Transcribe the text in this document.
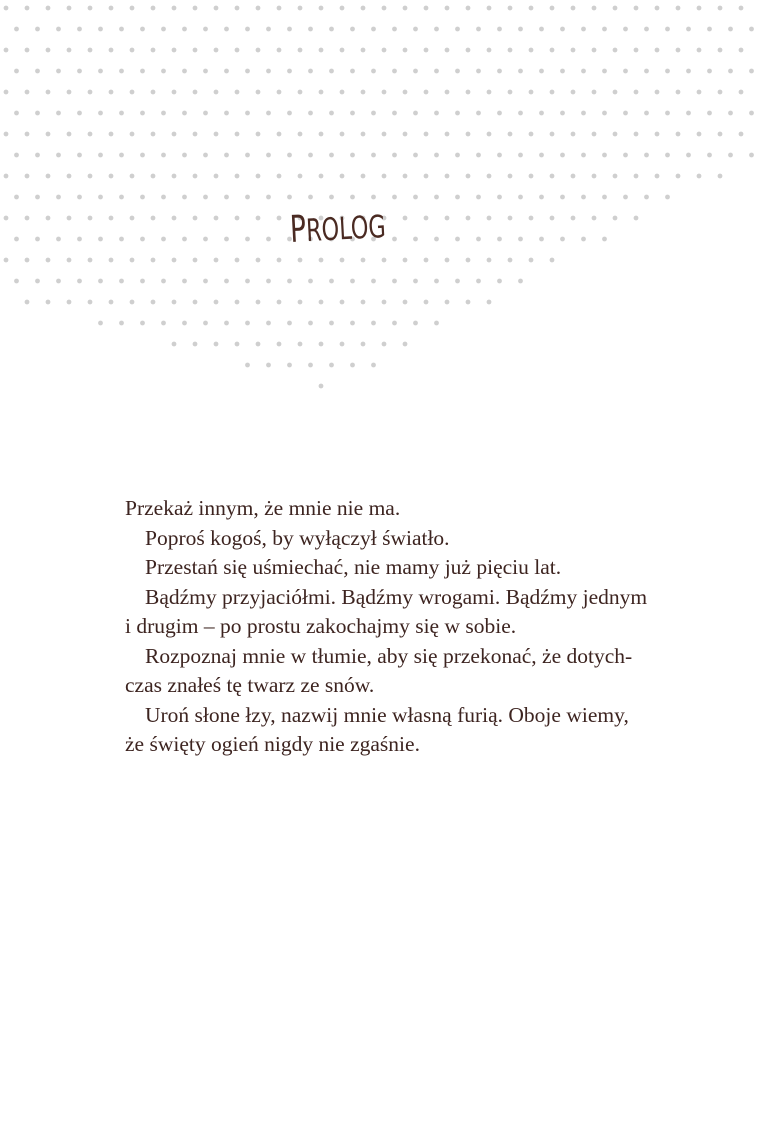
PROLOG

Przekaż innym, że mnie nie ma.

Poproś kogoś, by wyłączył światło.

Przestań się uśmiechać, nie mamy już pięciu lat.

Bądźmy przyjaciółmi. Bądźmy wrogami. Bądźmy jednym

i drugim – po prostu zakochajmy się w sobie.

Rozpoznaj mnie w tłumie, aby się przekonać, że dotych-

czas znałeś tę twarz ze snów.

Uroń słone łzy, nazwij mnie własną furią. Oboje wiemy,

że święty ogień nigdy nie zgaśnie.
